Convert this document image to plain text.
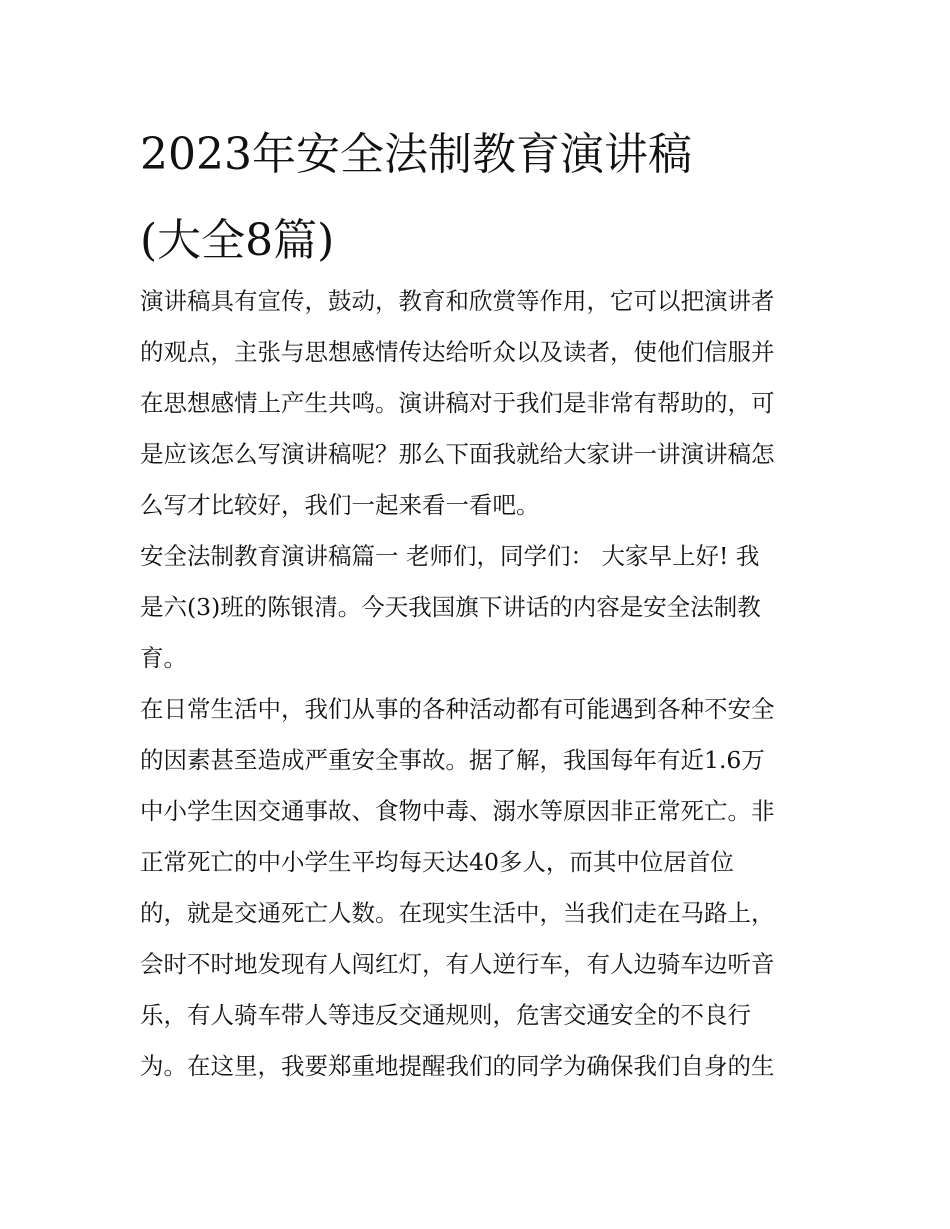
2023年安全法制教育演讲稿
(大全8篇)
演讲稿具有宣传，鼓动，教育和欣赏等作用，它可以把演讲者
的观点，主张与思想感情传达给听众以及读者，使他们信服并
在思想感情上产生共鸣。演讲稿对于我们是非常有帮助的，可
是应该怎么写演讲稿呢？那么下面我就给大家讲一讲演讲稿怎
么写才比较好，我们一起来看一看吧。
安全法制教育演讲稿篇一 老师们，同学们： 大家早上好! 我
是六(3)班的陈银清。今天我国旗下讲话的内容是安全法制教
育。
在日常生活中，我们从事的各种活动都有可能遇到各种不安全
的因素甚至造成严重安全事故。据了解，我国每年有近1.6万
中小学生因交通事故、食物中毒、溺水等原因非正常死亡。非
正常死亡的中小学生平均每天达40多人，而其中位居首位
的，就是交通死亡人数。在现实生活中，当我们走在马路上，
会时不时地发现有人闯红灯，有人逆行车，有人边骑车边听音
乐，有人骑车带人等违反交通规则，危害交通安全的不良行
为。在这里，我要郑重地提醒我们的同学为确保我们自身的生
